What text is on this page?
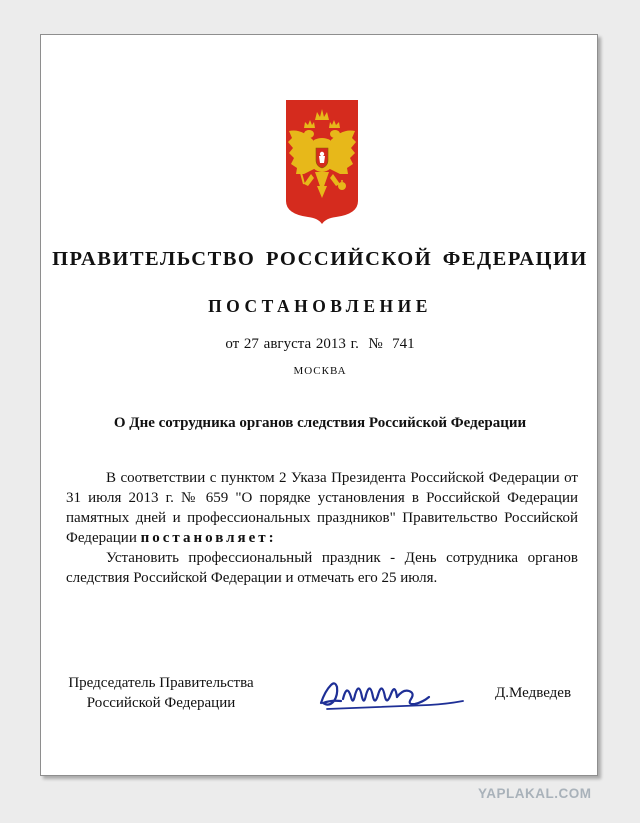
ПРАВИТЕЛЬСТВО РОССИЙСКОЙ ФЕДЕРАЦИИ
ПОСТАНОВЛЕНИЕ

от 27 августа 2013 г.  №  741

МОСКВА

О Дне сотрудника органов следствия Российской Федерации

В соответствии с пунктом 2 Указа Президента Российской Федерации от 31 июля 2013 г. № 659 "О порядке установления в Российской Федерации памятных дней и профессиональных праздников" Правительство Российской Федерации постановляет:

Установить профессиональный праздник - День сотрудника органов следствия Российской Федерации и отмечать его 25 июля.

Председатель Правительства
Российской Федерации
Д.Медведев
YAPLAKAL.COM
